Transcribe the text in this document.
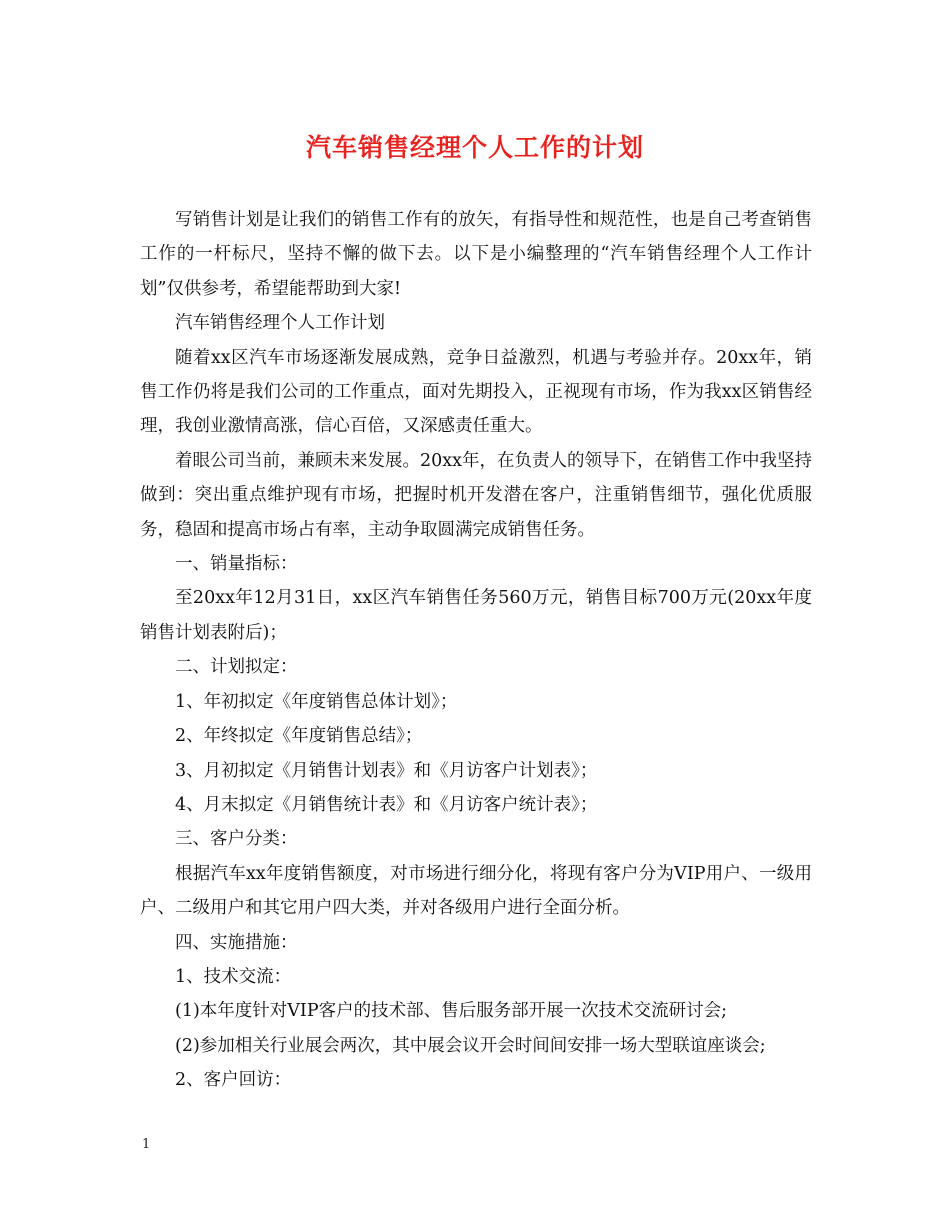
汽车销售经理个人工作的计划

写销售计划是让我们的销售工作有的放矢，有指导性和规范性，也是自己考查销售工作的一杆标尺，坚持不懈的做下去。以下是小编整理的“汽车销售经理个人工作计划”仅供参考，希望能帮助到大家!

汽车销售经理个人工作计划

随着xx区汽车市场逐渐发展成熟，竞争日益激烈，机遇与考验并存。20xx年，销售工作仍将是我们公司的工作重点，面对先期投入，正视现有市场，作为我xx区销售经理，我创业激情高涨，信心百倍，又深感责任重大。

着眼公司当前，兼顾未来发展。20xx年，在负责人的领导下，在销售工作中我坚持做到：突出重点维护现有市场，把握时机开发潜在客户，注重销售细节，强化优质服务，稳固和提高市场占有率，主动争取圆满完成销售任务。

一、销量指标：

至20xx年12月31日，xx区汽车销售任务560万元，销售目标700万元(20xx年度销售计划表附后)；

二、计划拟定：

1、年初拟定《年度销售总体计划》；

2、年终拟定《年度销售总结》；

3、月初拟定《月销售计划表》和《月访客户计划表》；

4、月末拟定《月销售统计表》和《月访客户统计表》；

三、客户分类：

根据汽车xx年度销售额度，对市场进行细分化，将现有客户分为VIP用户、一级用户、二级用户和其它用户四大类，并对各级用户进行全面分析。

四、实施措施：

1、技术交流：

(1)本年度针对VIP客户的技术部、售后服务部开展一次技术交流研讨会;

(2)参加相关行业展会两次，其中展会议开会时间间安排一场大型联谊座谈会;

2、客户回访：

1
